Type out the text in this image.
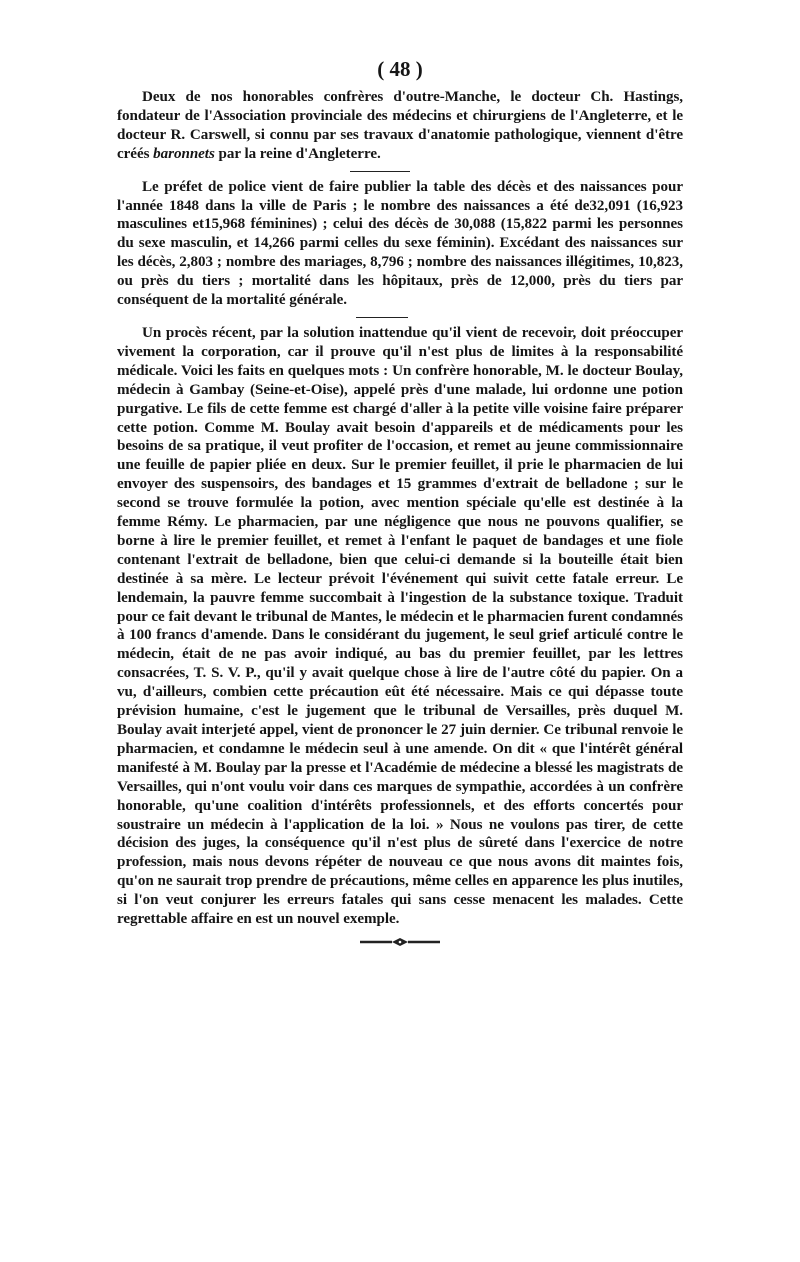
( 48 )

Deux de nos honorables confrères d'outre-Manche, le docteur Ch. Hastings, fondateur de l'Association provinciale des médecins et chirurgiens de l'Angleterre, et le docteur R. Carswell, si connu par ses travaux d'anatomie pathologique, viennent d'être créés baronnets par la reine d'Angleterre.

Le préfet de police vient de faire publier la table des décès et des naissances pour l'année 1848 dans la ville de Paris ; le nombre des naissances a été de32,091 (16,923 masculines et15,968 féminines) ; celui des décès de 30,088 (15,822 parmi les personnes du sexe masculin, et 14,266 parmi celles du sexe féminin). Excédant des naissances sur les décès, 2,803 ; nombre des mariages, 8,796 ; nombre des naissances illégitimes, 10,823, ou près du tiers ; mortalité dans les hôpitaux, près de 12,000, près du tiers par conséquent de la mortalité générale.

Un procès récent, par la solution inattendue qu'il vient de recevoir, doit préoccuper vivement la corporation, car il prouve qu'il n'est plus de limites à la responsabilité médicale. Voici les faits en quelques mots : Un confrère honorable, M. le docteur Boulay, médecin à Gambay (Seine-et-Oise), appelé près d'une malade, lui ordonne une potion purgative. Le fils de cette femme est chargé d'aller à la petite ville voisine faire préparer cette potion. Comme M. Boulay avait besoin d'appareils et de médicaments pour les besoins de sa pratique, il veut profiter de l'occasion, et remet au jeune commissionnaire une feuille de papier pliée en deux. Sur le premier feuillet, il prie le pharmacien de lui envoyer des suspensoirs, des bandages et 15 grammes d'extrait de belladone ; sur le second se trouve formulée la potion, avec mention spéciale qu'elle est destinée à la femme Rémy. Le pharmacien, par une négligence que nous ne pouvons qualifier, se borne à lire le premier feuillet, et remet à l'enfant le paquet de bandages et une fiole contenant l'extrait de belladone, bien que celui-ci demande si la bouteille était bien destinée à sa mère. Le lecteur prévoit l'événement qui suivit cette fatale erreur. Le lendemain, la pauvre femme succombait à l'ingestion de la substance toxique. Traduit pour ce fait devant le tribunal de Mantes, le médecin et le pharmacien furent condamnés à 100 francs d'amende. Dans le considérant du jugement, le seul grief articulé contre le médecin, était de ne pas avoir indiqué, au bas du premier feuillet, par les lettres consacrées, T. S. V. P., qu'il y avait quelque chose à lire de l'autre côté du papier. On a vu, d'ailleurs, combien cette précaution eût été nécessaire. Mais ce qui dépasse toute prévision humaine, c'est le jugement que le tribunal de Versailles, près duquel M. Boulay avait interjeté appel, vient de prononcer le 27 juin dernier. Ce tribunal renvoie le pharmacien, et condamne le médecin seul à une amende. On dit « que l'intérêt général manifesté à M. Boulay par la presse et l'Académie de médecine a blessé les magistrats de Versailles, qui n'ont voulu voir dans ces marques de sympathie, accordées à un confrère honorable, qu'une coalition d'intérêts professionnels, et des efforts concertés pour soustraire un médecin à l'application de la loi. » Nous ne voulons pas tirer, de cette décision des juges, la conséquence qu'il n'est plus de sûreté dans l'exercice de notre profession, mais nous devons répéter de nouveau ce que nous avons dit maintes fois, qu'on ne saurait trop prendre de précautions, même celles en apparence les plus inutiles, si l'on veut conjurer les erreurs fatales qui sans cesse menacent les malades. Cette regrettable affaire en est un nouvel exemple.
